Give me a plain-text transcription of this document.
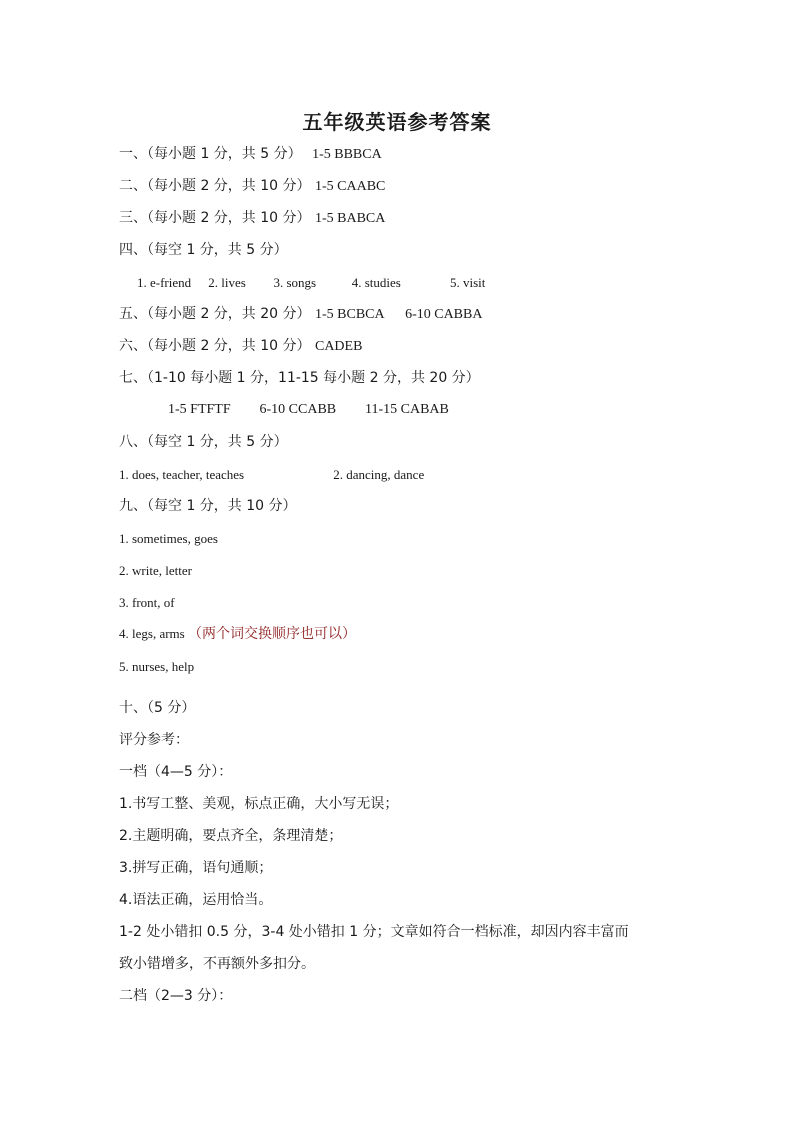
五年级英语参考答案
一、（每小题 1 分，共 5 分） 1-5 BBBCA
二、（每小题 2 分，共 10 分） 1-5 CAABC
三、（每小题 2 分，共 10 分） 1-5 BABCA
四、（每空 1 分，共 5 分）
1. e-friend 2. lives 3. songs	4. studies	5. visit
五、（每小题 2 分，共 20 分） 1-5 BCBCA 6-10 CABBA
六、（每小题 2 分，共 10 分） CADEB
七、（1-10 每小题 1 分，11-15 每小题 2 分，共 20 分）
1-5 FTFTF 6-10 CCABB 11-15 CABAB
八、（每空 1 分，共 5 分）
1. does, teacher, teaches	2. dancing, dance
九、（每空 1 分，共 10 分）
1. sometimes, goes
2. write, letter
3. front, of
4. legs, arms （两个词交换顺序也可以）
5. nurses, help
十、（5 分）
评分参考：
一档（4—5 分）：
1.书写工整、美观，标点正确，大小写无误；
2.主题明确，要点齐全，条理清楚；
3.拼写正确，语句通顺；
4.语法正确，运用恰当。
1-2 处小错扣 0.5 分，3-4 处小错扣 1 分；文章如符合一档标准，却因内容丰富而
致小错增多，不再额外多扣分。
二档（2—3 分）：
